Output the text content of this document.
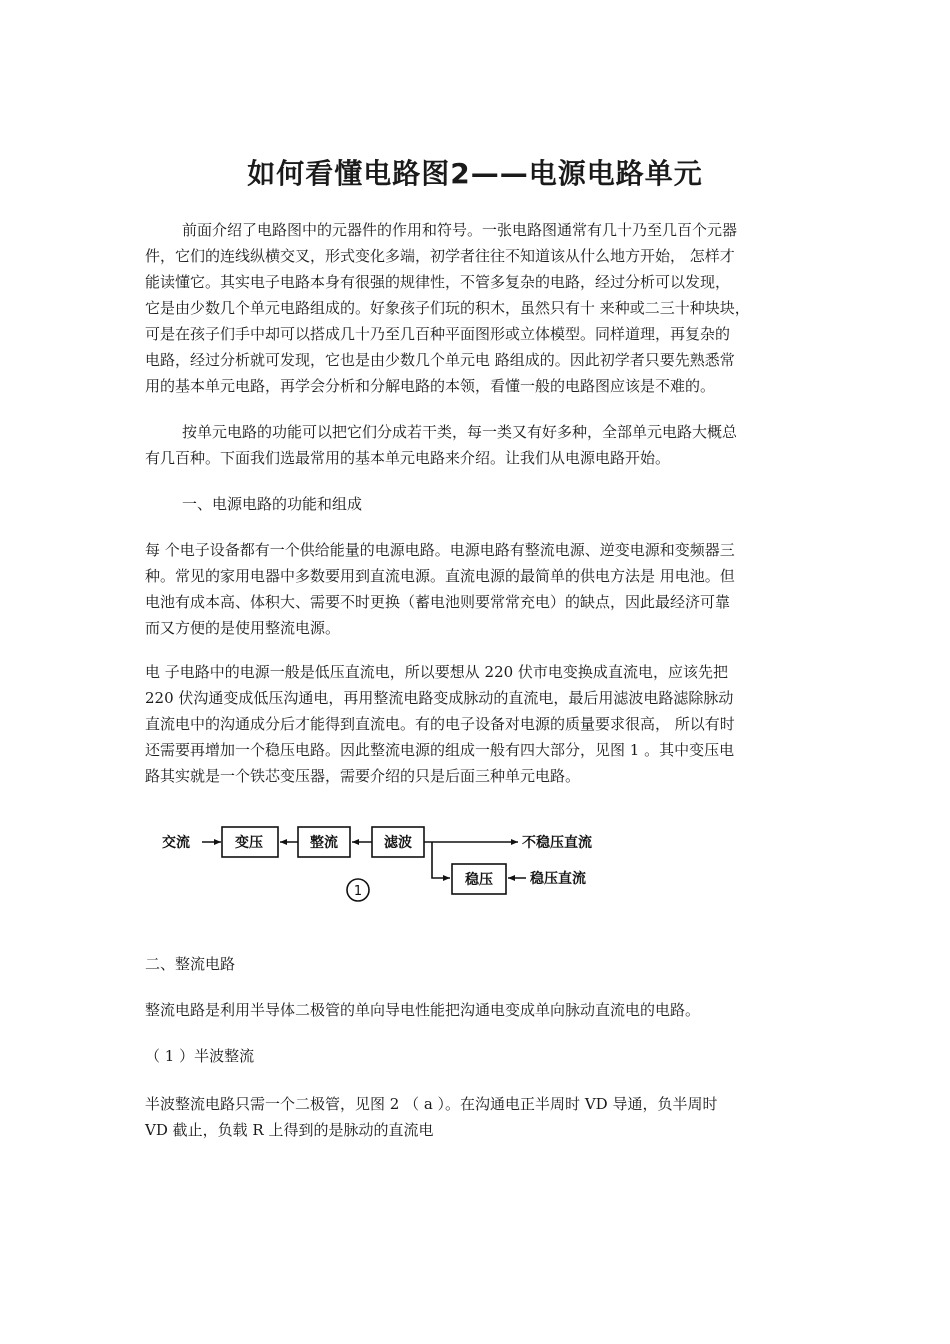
如何看懂电路图2——电源电路单元
前面介绍了电路图中的元器件的作用和符号。一张电路图通常有几十乃至几百个元器
件，它们的连线纵横交叉，形式变化多端，初学者往往不知道该从什么地方开始， 怎样才
能读懂它。其实电子电路本身有很强的规律性，不管多复杂的电路，经过分析可以发现，
它是由少数几个单元电路组成的。好象孩子们玩的积木，虽然只有十 来种或二三十种块块，
可是在孩子们手中却可以搭成几十乃至几百种平面图形或立体模型。同样道理，再复杂的
电路，经过分析就可发现，它也是由少数几个单元电 路组成的。因此初学者只要先熟悉常
用的基本单元电路，再学会分析和分解电路的本领，看懂一般的电路图应该是不难的。
按单元电路的功能可以把它们分成若干类，每一类又有好多种，全部单元电路大概总
有几百种。下面我们选最常用的基本单元电路来介绍。让我们从电源电路开始。
一、电源电路的功能和组成
每 个电子设备都有一个供给能量的电源电路。电源电路有整流电源、逆变电源和变频器三
种。常见的家用电器中多数要用到直流电源。直流电源的最简单的供电方法是 用电池。但
电池有成本高、体积大、需要不时更换（蓄电池则要常常充电）的缺点，因此最经济可靠
而又方便的是使用整流电源。
电 子电路中的电源一般是低压直流电，所以要想从 220 伏市电变换成直流电，应该先把
220 伏沟通变成低压沟通电，再用整流电路变成脉动的直流电，最后用滤波电路滤除脉动
直流电中的沟通成分后才能得到直流电。有的电子设备对电源的质量要求很高， 所以有时
还需要再增加一个稳压电路。因此整流电源的组成一般有四大部分，见图 1 。其中变压电
路其实就是一个铁芯变压器，需要介绍的只是后面三种单元电路。
交流	变压	整流	滤波
稳压
不稳压直流
稳压直流
1
二、整流电路
整流电路是利用半导体二极管的单向导电性能把沟通电变成单向脉动直流电的电路。
（ 1 ）半波整流
半波整流电路只需一个二极管，见图 2 （ a ）。在沟通电正半周时 VD 导通，负半周时
VD 截止，负载 R 上得到的是脉动的直流电
